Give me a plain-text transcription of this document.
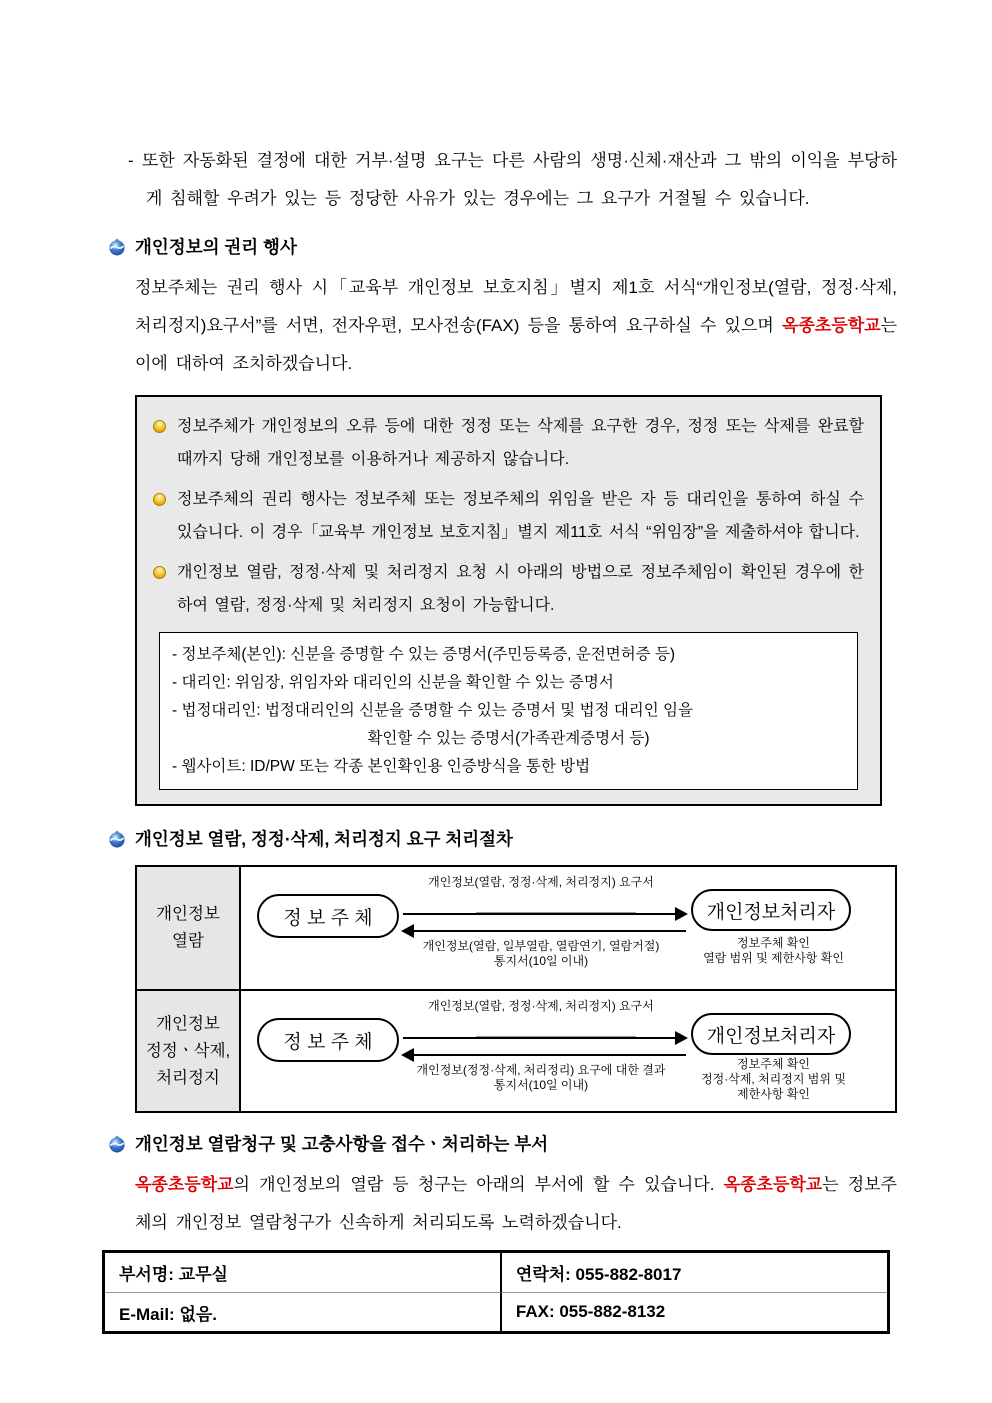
- 또한 자동화된 결정에 대한 거부·설명 요구는 다른 사람의 생명·신체·재산과 그 밖의 이익을 부당하게 침해할 우려가 있는 등 정당한 사유가 있는 경우에는 그 요구가 거절될 수 있습니다.

개인정보의 권리 행사

정보주체는 권리 행사 시「교육부 개인정보 보호지침」별지 제1호 서식“개인정보(열람, 정정·삭제, 처리정지)요구서”를 서면, 전자우편, 모사전송(FAX) 등을 통하여 요구하실 수 있으며 옥종초등학교는 이에 대하여 조치하겠습니다.

정보주체가 개인정보의 오류 등에 대한 정정 또는 삭제를 요구한 경우, 정정 또는 삭제를 완료할 때까지 당해 개인정보를 이용하거나 제공하지 않습니다.
정보주체의 권리 행사는 정보주체 또는 정보주체의 위임을 받은 자 등 대리인을 통하여 하실 수 있습니다. 이 경우「교육부 개인정보 보호지침」별지 제11호 서식 “위임장”을 제출하셔야 합니다.
개인정보 열람, 정정·삭제 및 처리정지 요청 시 아래의 방법으로 정보주체임이 확인된 경우에 한하여 열람, 정정·삭제 및 처리정지 요청이 가능합니다.
- 정보주체(본인): 신분을 증명할 수 있는 증명서(주민등록증, 운전면허증 등)
- 대리인: 위임장, 위임자와 대리인의 신분을 확인할 수 있는 증명서
- 법정대리인: 법정대리인의 신분을 증명할 수 있는 증명서 및 법정 대리인 임을
확인할 수 있는 증명서(가족관계증명서 등)
- 웹사이트: ID/PW 또는 각종 본인확인용 인증방식을 통한 방법
개인정보 열람, 정정·삭제, 처리정지 요구 처리절차
개인정보
열람
정 보 주 체
개인정보(열람, 정정·삭제, 처리정지) 요구서
개인정보(열람, 일부열람, 열람연기, 열람거절)
통지서(10일 이내)
개인정보처리자
정보주체 확인
열람 범위 및 제한사항 확인
개인정보
정정ㆍ삭제,
처리정지
정 보 주 체
개인정보(열람, 정정·삭제, 처리정지) 요구서
개인정보(정정·삭제, 처리정리) 요구에 대한 결과
통지서(10일 이내)
개인정보처리자
정보주체 확인
정정·삭제, 처리정지 범위 및
제한사항 확인
개인정보 열람청구 및 고충사항을 접수ㆍ처리하는 부서

옥종초등학교의 개인정보의 열람 등 청구는 아래의 부서에 할 수 있습니다. 옥종초등학교는 정보주체의 개인정보 열람청구가 신속하게 처리되도록 노력하겠습니다.

부서명: 교무실	연락처: 055-882-8017
E-Mail: 없음.	FAX: 055-882-8132
